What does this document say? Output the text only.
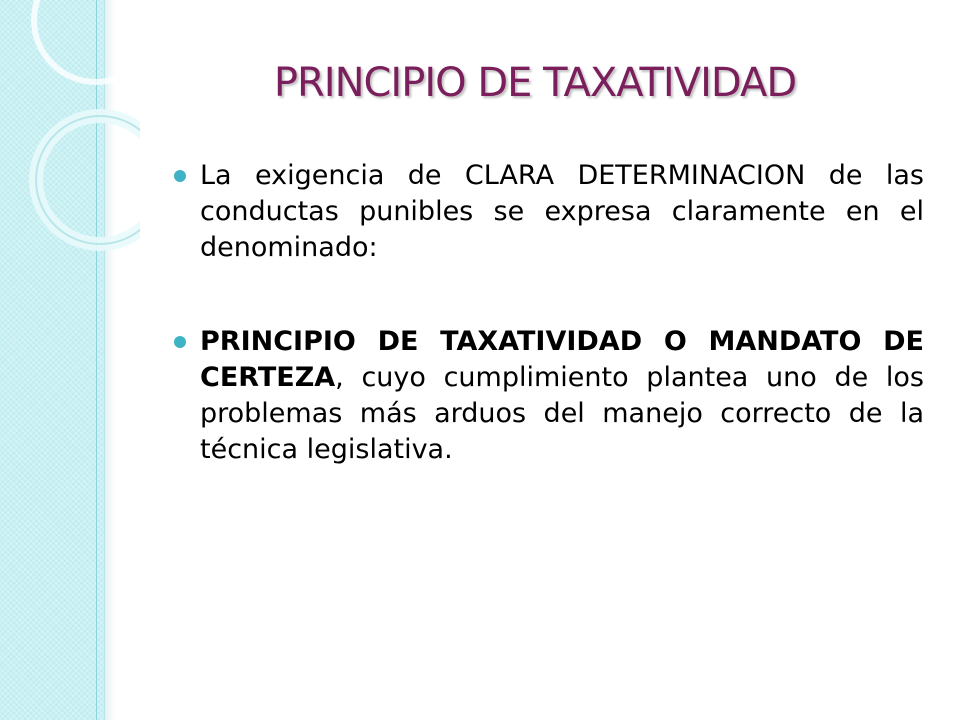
PRINCIPIO DE TAXATIVIDAD

La exigencia de CLARA DETERMINACION de las conductas punibles se expresa claramente en el denominado:

PRINCIPIO DE TAXATIVIDAD O MANDATO DE CERTEZA, cuyo cumplimiento plantea uno de los problemas más arduos del manejo correcto de la técnica legislativa.
